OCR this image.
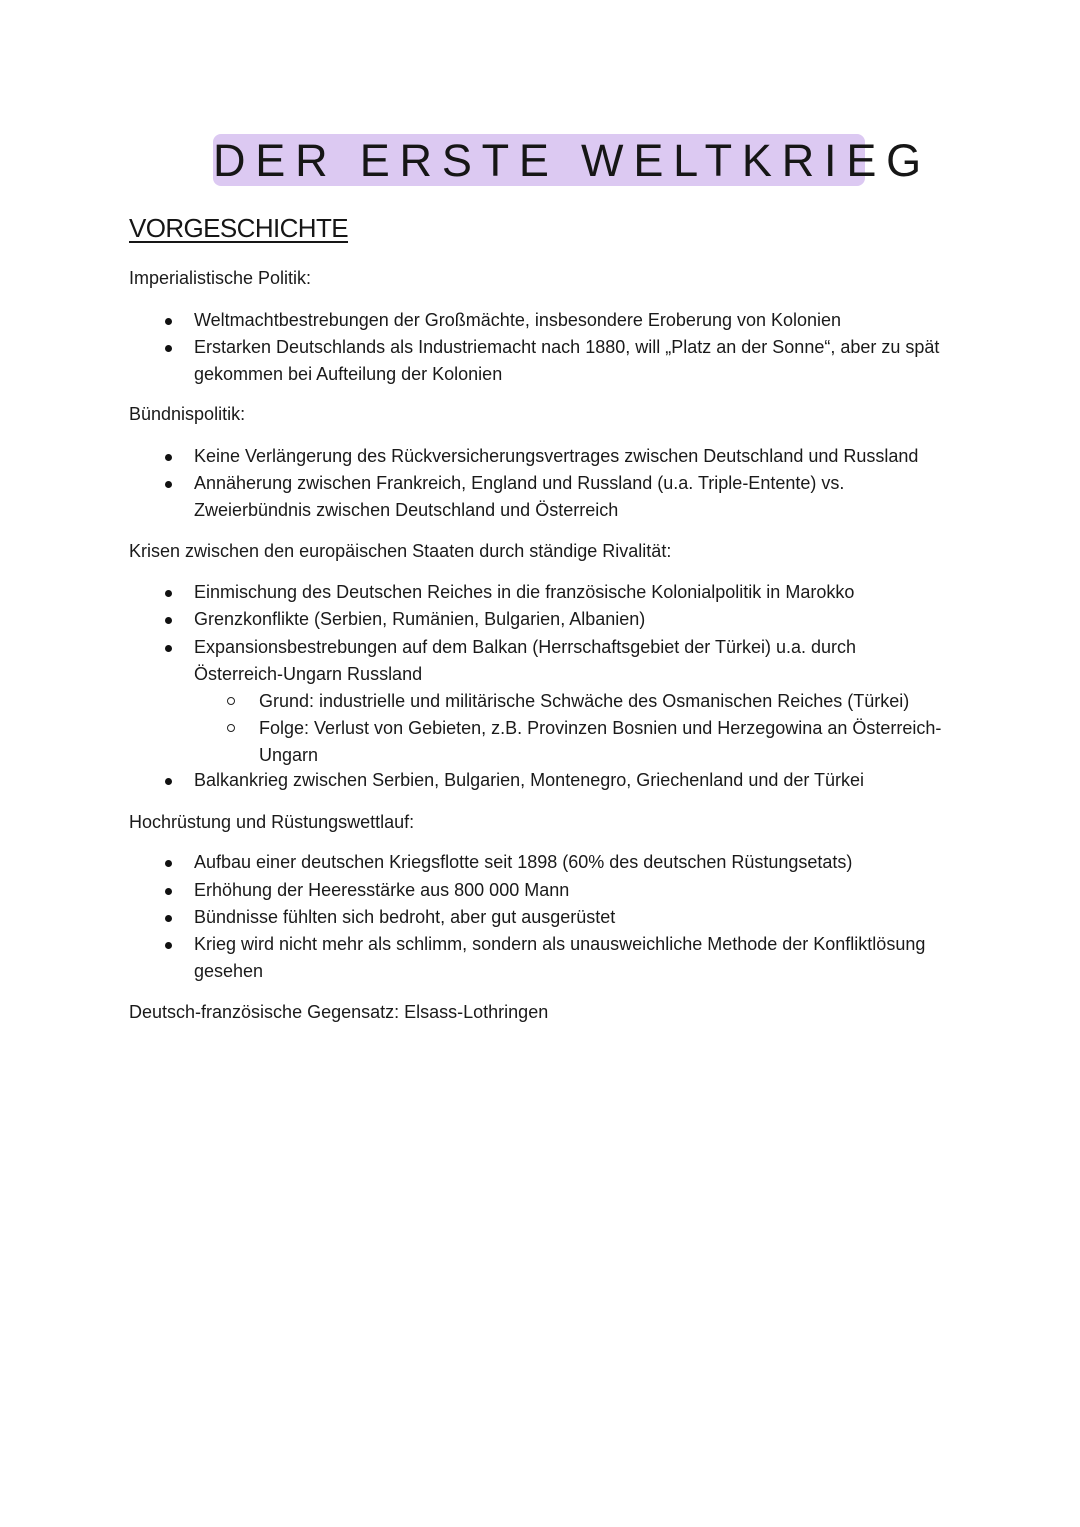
DER ERSTE WELTKRIEG
VORGESCHICHTE
Imperialistische Politik:
Weltmachtbestrebungen der Großmächte, insbesondere Eroberung von Kolonien
Erstarken Deutschlands als Industriemacht nach 1880, will „Platz an der Sonne“, aber zu spät gekommen bei Aufteilung der Kolonien
Bündnispolitik:
Keine Verlängerung des Rückversicherungsvertrages zwischen Deutschland und Russland
Annäherung zwischen Frankreich, England und Russland (u.a. Triple-Entente) vs. Zweierbündnis zwischen Deutschland und Österreich
Krisen zwischen den europäischen Staaten durch ständige Rivalität:
Einmischung des Deutschen Reiches in die französische Kolonialpolitik in Marokko
Grenzkonflikte (Serbien, Rumänien, Bulgarien, Albanien)
Expansionsbestrebungen auf dem Balkan (Herrschaftsgebiet der Türkei) u.a. durch Österreich-Ungarn Russland
Grund: industrielle und militärische Schwäche des Osmanischen Reiches (Türkei)
Folge: Verlust von Gebieten, z.B. Provinzen Bosnien und Herzegowina an Österreich-Ungarn
Balkankrieg zwischen Serbien, Bulgarien, Montenegro, Griechenland und der Türkei
Hochrüstung und Rüstungswettlauf:
Aufbau einer deutschen Kriegsflotte seit 1898 (60% des deutschen Rüstungsetats)
Erhöhung der Heeresstärke aus 800 000 Mann
Bündnisse fühlten sich bedroht, aber gut ausgerüstet
Krieg wird nicht mehr als schlimm, sondern als unausweichliche Methode der Konfliktlösung gesehen
Deutsch-französische Gegensatz: Elsass-Lothringen
